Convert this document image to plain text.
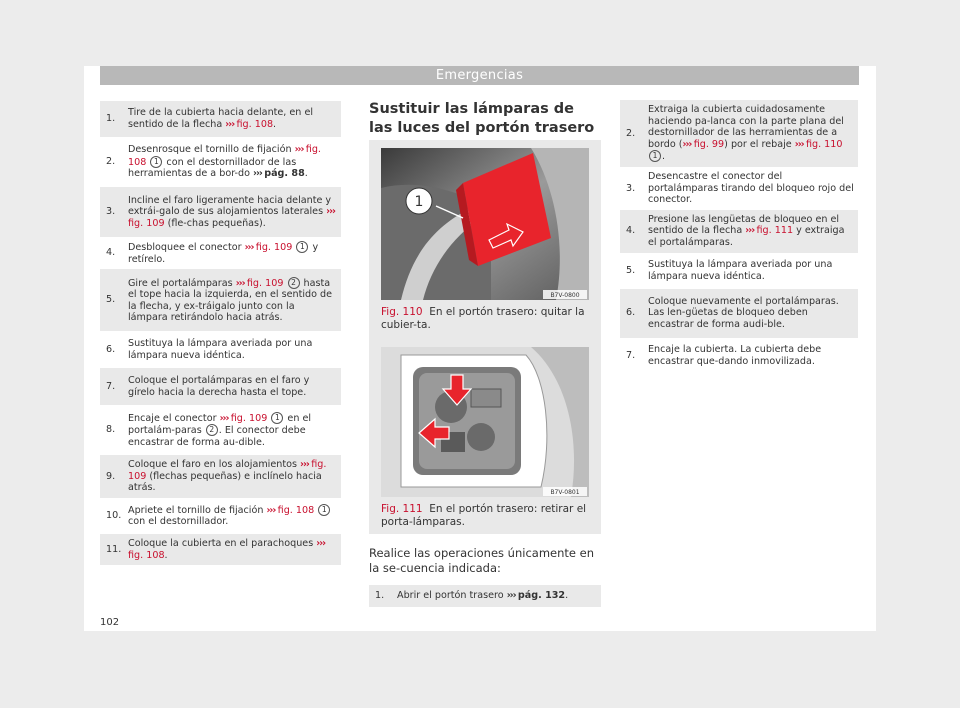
Emergencias
1.
Tire de la cubierta hacia delante, en el sentido de la flecha ››› fig. 108.
2.
Desenrosque el tornillo de fijación ››› fig. 108 1 con el destornillador de las herramientas de a bor-do ››› pág. 88.
3.
Incline el faro ligeramente hacia delante y extrái-galo de sus alojamientos laterales ››› fig. 109 (fle-chas pequeñas).
4.	Desbloquee el conector ››› fig. 109 1 y retírelo.
5.
Gire el portalámparas ››› fig. 109 2 hasta el tope hacia la izquierda, en el sentido de la flecha, y ex-tráigalo junto con la lámpara retirándolo hacia atrás.
6.
Sustituya la lámpara averiada por una lámpara nueva idéntica.
7.
Coloque el portalámparas en el faro y gírelo hacia la derecha hasta el tope.
8.
Encaje el conector ››› fig. 109 1 en el portalám-paras 2 . El conector debe encastrar de forma au-dible.
9.
Coloque el faro en los alojamientos ››› fig. 109 (flechas pequeñas) e inclínelo hacia atrás.
10. Apriete el tornillo de fijación ››› fig. 108 1 con el destornillador.
11.
Coloque la cubierta en el parachoques ››› fig. 108.
Sustituir las lámparas de las luces del portón trasero
1
B7V-0800
Fig. 110 En el portón trasero: quitar la cubier-ta.
B7V-0801
Fig. 111 En el portón trasero: retirar el porta-lámparas.
Realice las operaciones únicamente en la se-cuencia indicada:
1.	Abrir el portón trasero ››› pág. 132.
2.
Extraiga la cubierta cuidadosamente haciendo pa-lanca con la parte plana del destornillador de las herramientas de a bordo (››› fig. 99) por el rebaje ››› fig. 110 1 .
3.
Desencastre el conector del portalámparas tirando del bloqueo rojo del conector.
4.
Presione las lengüetas de bloqueo en el sentido de la flecha ››› fig. 111 y extraiga el portalámparas.
5.
Sustituya la lámpara averiada por una lámpara nueva idéntica.
6.
Coloque nuevamente el portalámparas. Las len-güetas de bloqueo deben encastrar de forma audi-ble.
7.
Encaje la cubierta. La cubierta debe encastrar que-dando inmovilizada.
102
